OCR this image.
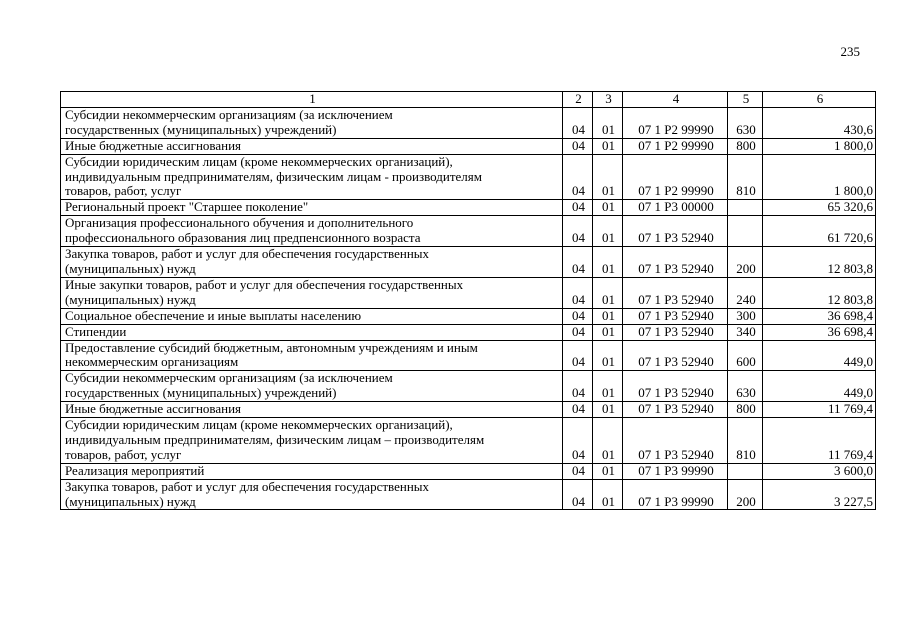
235
1	2	3	4	5	6

Субсидии некоммерческим организациям (за исключением
государственных (муниципальных) учреждений)	04	01	07 1 Р2 99990	630	430,6

Иные бюджетные ассигнования	04	01	07 1 Р2 99990	800	1 800,0

Субсидии юридическим лицам (кроме некоммерческих организаций),
индивидуальным предпринимателям, физическим лицам - производителям
товаров, работ, услуг	04	01	07 1 Р2 99990	810	1 800,0

Региональный проект "Старшее поколение"	04	01	07 1 Р3 00000		65 320,6

Организация профессионального обучения и дополнительного
профессионального образования лиц предпенсионного возраста	04	01	07 1 Р3 52940		61 720,6

Закупка товаров, работ и услуг для обеспечения государственных
(муниципальных) нужд	04	01	07 1 Р3 52940	200	12 803,8

Иные закупки товаров, работ и услуг для обеспечения государственных
(муниципальных) нужд	04	01	07 1 Р3 52940	240	12 803,8

Социальное обеспечение и иные выплаты населению	04	01	07 1 Р3 52940	300	36 698,4

Стипендии	04	01	07 1 Р3 52940	340	36 698,4

Предоставление субсидий бюджетным, автономным учреждениям и иным
некоммерческим организациям	04	01	07 1 Р3 52940	600	449,0

Субсидии некоммерческим организациям (за исключением
государственных (муниципальных) учреждений)	04	01	07 1 Р3 52940	630	449,0

Иные бюджетные ассигнования	04	01	07 1 Р3 52940	800	11 769,4

Субсидии юридическим лицам (кроме некоммерческих организаций),
индивидуальным предпринимателям, физическим лицам – производителям
товаров, работ, услуг	04	01	07 1 Р3 52940	810	11 769,4

Реализация мероприятий	04	01	07 1 Р3 99990		3 600,0

Закупка товаров, работ и услуг для обеспечения государственных
(муниципальных) нужд	04	01	07 1 Р3 99990	200	3 227,5
